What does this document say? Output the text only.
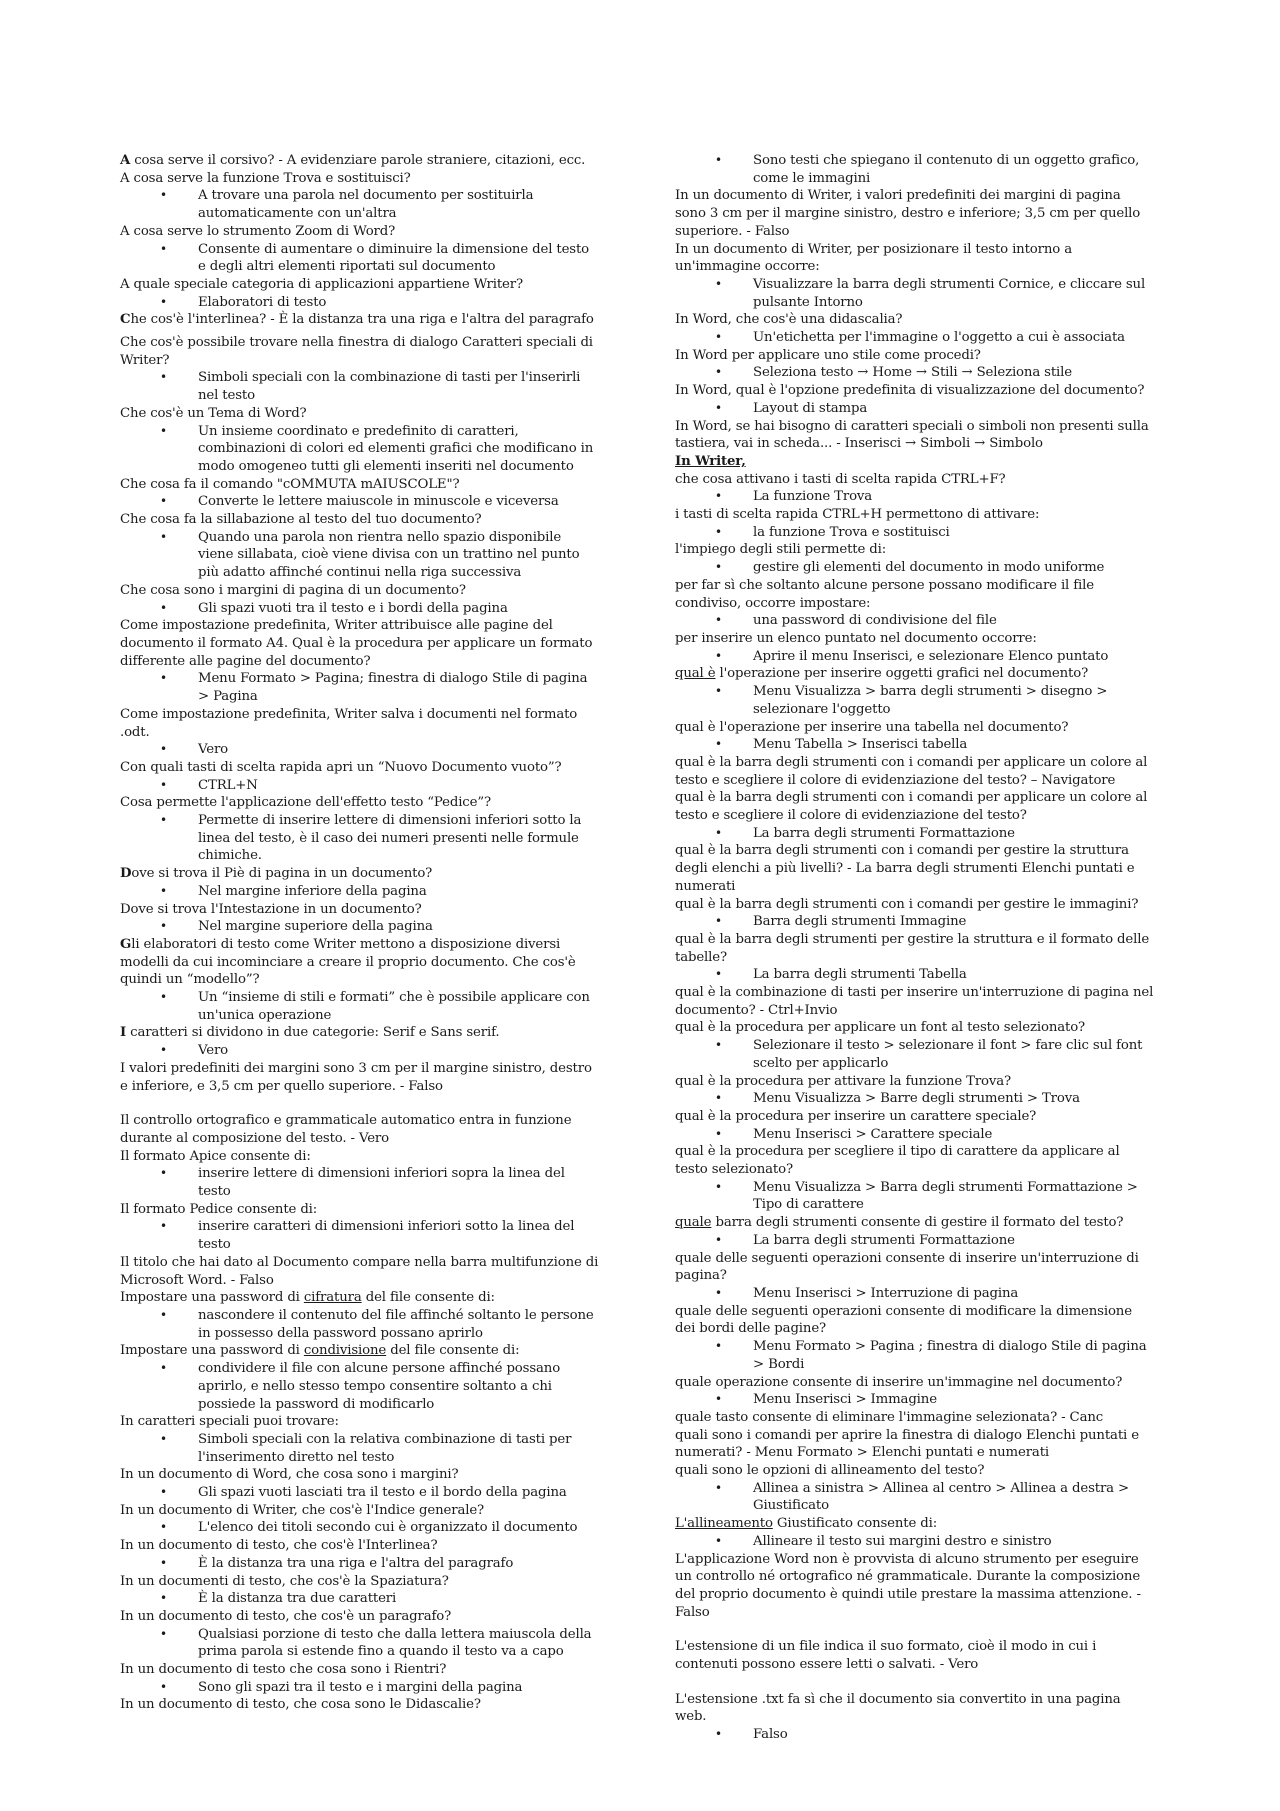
A cosa serve il corsivo? - A evidenziare parole straniere, citazioni, ecc.

A cosa serve la funzione Trova e sostituisci?

• A trovare una parola nel documento per sostituirla automaticamente con un'altra

A cosa serve lo strumento Zoom di Word?

• Consente di aumentare o diminuire la dimensione del testo e degli altri elementi riportati sul documento

A quale speciale categoria di applicazioni appartiene Writer?

• Elaboratori di testo

Che cos'è l'interlinea? - È la distanza tra una riga e l'altra del paragrafo

Che cos'è possibile trovare nella finestra di dialogo Caratteri speciali di Writer?

• Simboli speciali con la combinazione di tasti per l'inserirli nel testo

Che cos'è un Tema di Word?

• Un insieme coordinato e predefinito di caratteri, combinazioni di colori ed elementi grafici che modificano in modo omogeneo tutti gli elementi inseriti nel documento

Che cosa fa il comando "cOMMUTA mAIUSCOLE"?

• Converte le lettere maiuscole in minuscole e viceversa

Che cosa fa la sillabazione al testo del tuo documento?

• Quando una parola non rientra nello spazio disponibile viene sillabata, cioè viene divisa con un trattino nel punto più adatto affinché continui nella riga successiva

Che cosa sono i margini di pagina di un documento?

• Gli spazi vuoti tra il testo e i bordi della pagina

Come impostazione predefinita, Writer attribuisce alle pagine del documento il formato A4. Qual è la procedura per applicare un formato differente alle pagine del documento?

• Menu Formato > Pagina; finestra di dialogo Stile di pagina > Pagina

Come impostazione predefinita, Writer salva i documenti nel formato .odt.

• Vero

Con quali tasti di scelta rapida apri un “Nuovo Documento vuoto”?

• CTRL+N

Cosa permette l'applicazione dell'effetto testo “Pedice”?

• Permette di inserire lettere di dimensioni inferiori sotto la linea del testo, è il caso dei numeri presenti nelle formule chimiche.

Dove si trova il Piè di pagina in un documento?

• Nel margine inferiore della pagina

Dove si trova l'Intestazione in un documento?

• Nel margine superiore della pagina

Gli elaboratori di testo come Writer mettono a disposizione diversi modelli da cui incominciare a creare il proprio documento. Che cos'è quindi un “modello”?

• Un “insieme di stili e formati” che è possibile applicare con un'unica operazione

I caratteri si dividono in due categorie: Serif e Sans serif.

• Vero

I valori predefiniti dei margini sono 3 cm per il margine sinistro, destro e inferiore, e 3,5 cm per quello superiore. - Falso

Il controllo ortografico e grammaticale automatico entra in funzione durante al composizione del testo. - Vero

Il formato Apice consente di:

• inserire lettere di dimensioni inferiori sopra la linea del testo

Il formato Pedice consente di:

• inserire caratteri di dimensioni inferiori sotto la linea del testo

Il titolo che hai dato al Documento compare nella barra multifunzione di Microsoft Word. - Falso

Impostare una password di cifratura del file consente di:

• nascondere il contenuto del file affinché soltanto le persone in possesso della password possano aprirlo

Impostare una password di condivisione del file consente di:

• condividere il file con alcune persone affinché possano aprirlo, e nello stesso tempo consentire soltanto a chi possiede la password di modificarlo

In caratteri speciali puoi trovare:

• Simboli speciali con la relativa combinazione di tasti per l'inserimento diretto nel testo

In un documento di Word, che cosa sono i margini?

• Gli spazi vuoti lasciati tra il testo e il bordo della pagina

In un documento di Writer, che cos'è l'Indice generale?

• L'elenco dei titoli secondo cui è organizzato il documento

In un documento di testo, che cos'è l'Interlinea?

• È la distanza tra una riga e l'altra del paragrafo

In un documenti di testo, che cos'è la Spaziatura?

• È la distanza tra due caratteri

In un documento di testo, che cos'è un paragrafo?

• Qualsiasi porzione di testo che dalla lettera maiuscola della prima parola si estende fino a quando il testo va a capo

In un documento di testo che cosa sono i Rientri?

• Sono gli spazi tra il testo e i margini della pagina

In un documento di testo, che cosa sono le Didascalie?

• Sono testi che spiegano il contenuto di un oggetto grafico, come le immagini

In un documento di Writer, i valori predefiniti dei margini di pagina sono 3 cm per il margine sinistro, destro e inferiore; 3,5 cm per quello superiore. - Falso

In un documento di Writer, per posizionare il testo intorno a un'immagine occorre:

• Visualizzare la barra degli strumenti Cornice, e cliccare sul pulsante Intorno

In Word, che cos'è una didascalia?

• Un'etichetta per l'immagine o l'oggetto a cui è associata

In Word per applicare uno stile come procedi?

• Seleziona testo → Home → Stili → Seleziona stile

In Word, qual è l'opzione predefinita di visualizzazione del documento?

• Layout di stampa

In Word, se hai bisogno di caratteri speciali o simboli non presenti sulla tastiera, vai in scheda... - Inserisci → Simboli → Simbolo

In Writer,

che cosa attivano i tasti di scelta rapida CTRL+F?

• La funzione Trova

i tasti di scelta rapida CTRL+H permettono di attivare:

• la funzione Trova e sostituisci

l'impiego degli stili permette di:

• gestire gli elementi del documento in modo uniforme

per far sì che soltanto alcune persone possano modificare il file condiviso, occorre impostare:

• una password di condivisione del file

per inserire un elenco puntato nel documento occorre:

• Aprire il menu Inserisci, e selezionare Elenco puntato

qual è l'operazione per inserire oggetti grafici nel documento?

• Menu Visualizza > barra degli strumenti > disegno > selezionare l'oggetto

qual è l'operazione per inserire una tabella nel documento?

• Menu Tabella > Inserisci tabella

qual è la barra degli strumenti con i comandi per applicare un colore al testo e scegliere il colore di evidenziazione del testo? – Navigatore

qual è la barra degli strumenti con i comandi per applicare un colore al testo e scegliere il colore di evidenziazione del testo?

• La barra degli strumenti Formattazione

qual è la barra degli strumenti con i comandi per gestire la struttura degli elenchi a più livelli? - La barra degli strumenti Elenchi puntati e numerati

qual è la barra degli strumenti con i comandi per gestire le immagini?

• Barra degli strumenti Immagine

qual è la barra degli strumenti per gestire la struttura e il formato delle tabelle?

• La barra degli strumenti Tabella

qual è la combinazione di tasti per inserire un'interruzione di pagina nel documento? - Ctrl+Invio

qual è la procedura per applicare un font al testo selezionato?

• Selezionare il testo > selezionare il font > fare clic sul font scelto per applicarlo

qual è la procedura per attivare la funzione Trova?

• Menu Visualizza > Barre degli strumenti > Trova

qual è la procedura per inserire un carattere speciale?

• Menu Inserisci > Carattere speciale

qual è la procedura per scegliere il tipo di carattere da applicare al testo selezionato?

• Menu Visualizza > Barra degli strumenti Formattazione > Tipo di carattere

quale barra degli strumenti consente di gestire il formato del testo?

• La barra degli strumenti Formattazione

quale delle seguenti operazioni consente di inserire un'interruzione di pagina?

• Menu Inserisci > Interruzione di pagina

quale delle seguenti operazioni consente di modificare la dimensione dei bordi delle pagine?

• Menu Formato > Pagina ; finestra di dialogo Stile di pagina > Bordi

quale operazione consente di inserire un'immagine nel documento?

• Menu Inserisci > Immagine

quale tasto consente di eliminare l'immagine selezionata? - Canc

quali sono i comandi per aprire la finestra di dialogo Elenchi puntati e numerati? - Menu Formato > Elenchi puntati e numerati

quali sono le opzioni di allineamento del testo?

• Allinea a sinistra > Allinea al centro > Allinea a destra > Giustificato

L'allineamento Giustificato consente di:

• Allineare il testo sui margini destro e sinistro

L'applicazione Word non è provvista di alcuno strumento per eseguire un controllo né ortografico né grammaticale. Durante la composizione del proprio documento è quindi utile prestare la massima attenzione. - Falso

L'estensione di un file indica il suo formato, cioè il modo in cui i contenuti possono essere letti o salvati. - Vero

L'estensione .txt fa sì che il documento sia convertito in una pagina web.

• Falso
